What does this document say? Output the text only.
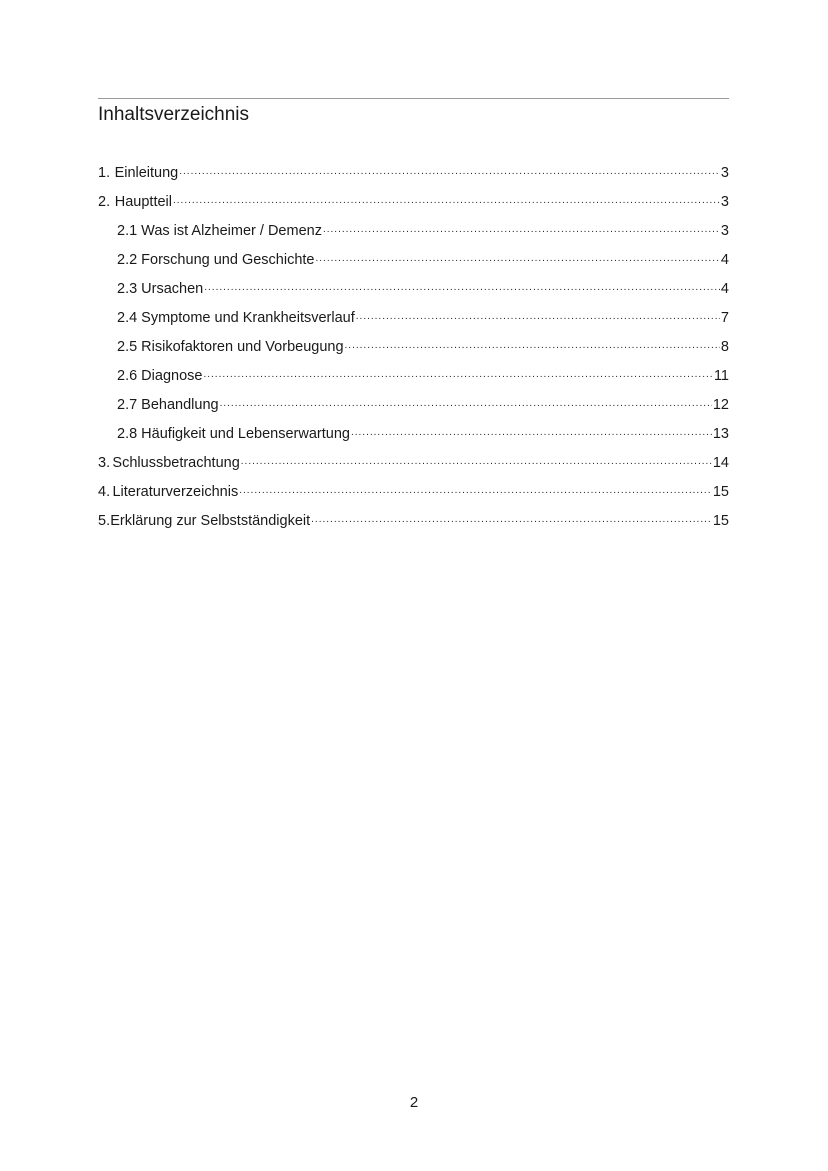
Inhaltsverzeichnis
1. Einleitung .....	3
2. Hauptteil .....	3
2.1 Was ist Alzheimer / Demenz .....	3
2.2 Forschung und Geschichte .....	4
2.3 Ursachen .....	4
2.4 Symptome und Krankheitsverlauf .....	7
2.5 Risikofaktoren und Vorbeugung .....	8
2.6 Diagnose .....	11
2.7 Behandlung .....	12
2.8 Häufigkeit und Lebenserwartung .....	13
3. Schlussbetrachtung .....	14
4. Literaturverzeichnis .....	15
5. Erklärung zur Selbstständigkeit .....	15
2
